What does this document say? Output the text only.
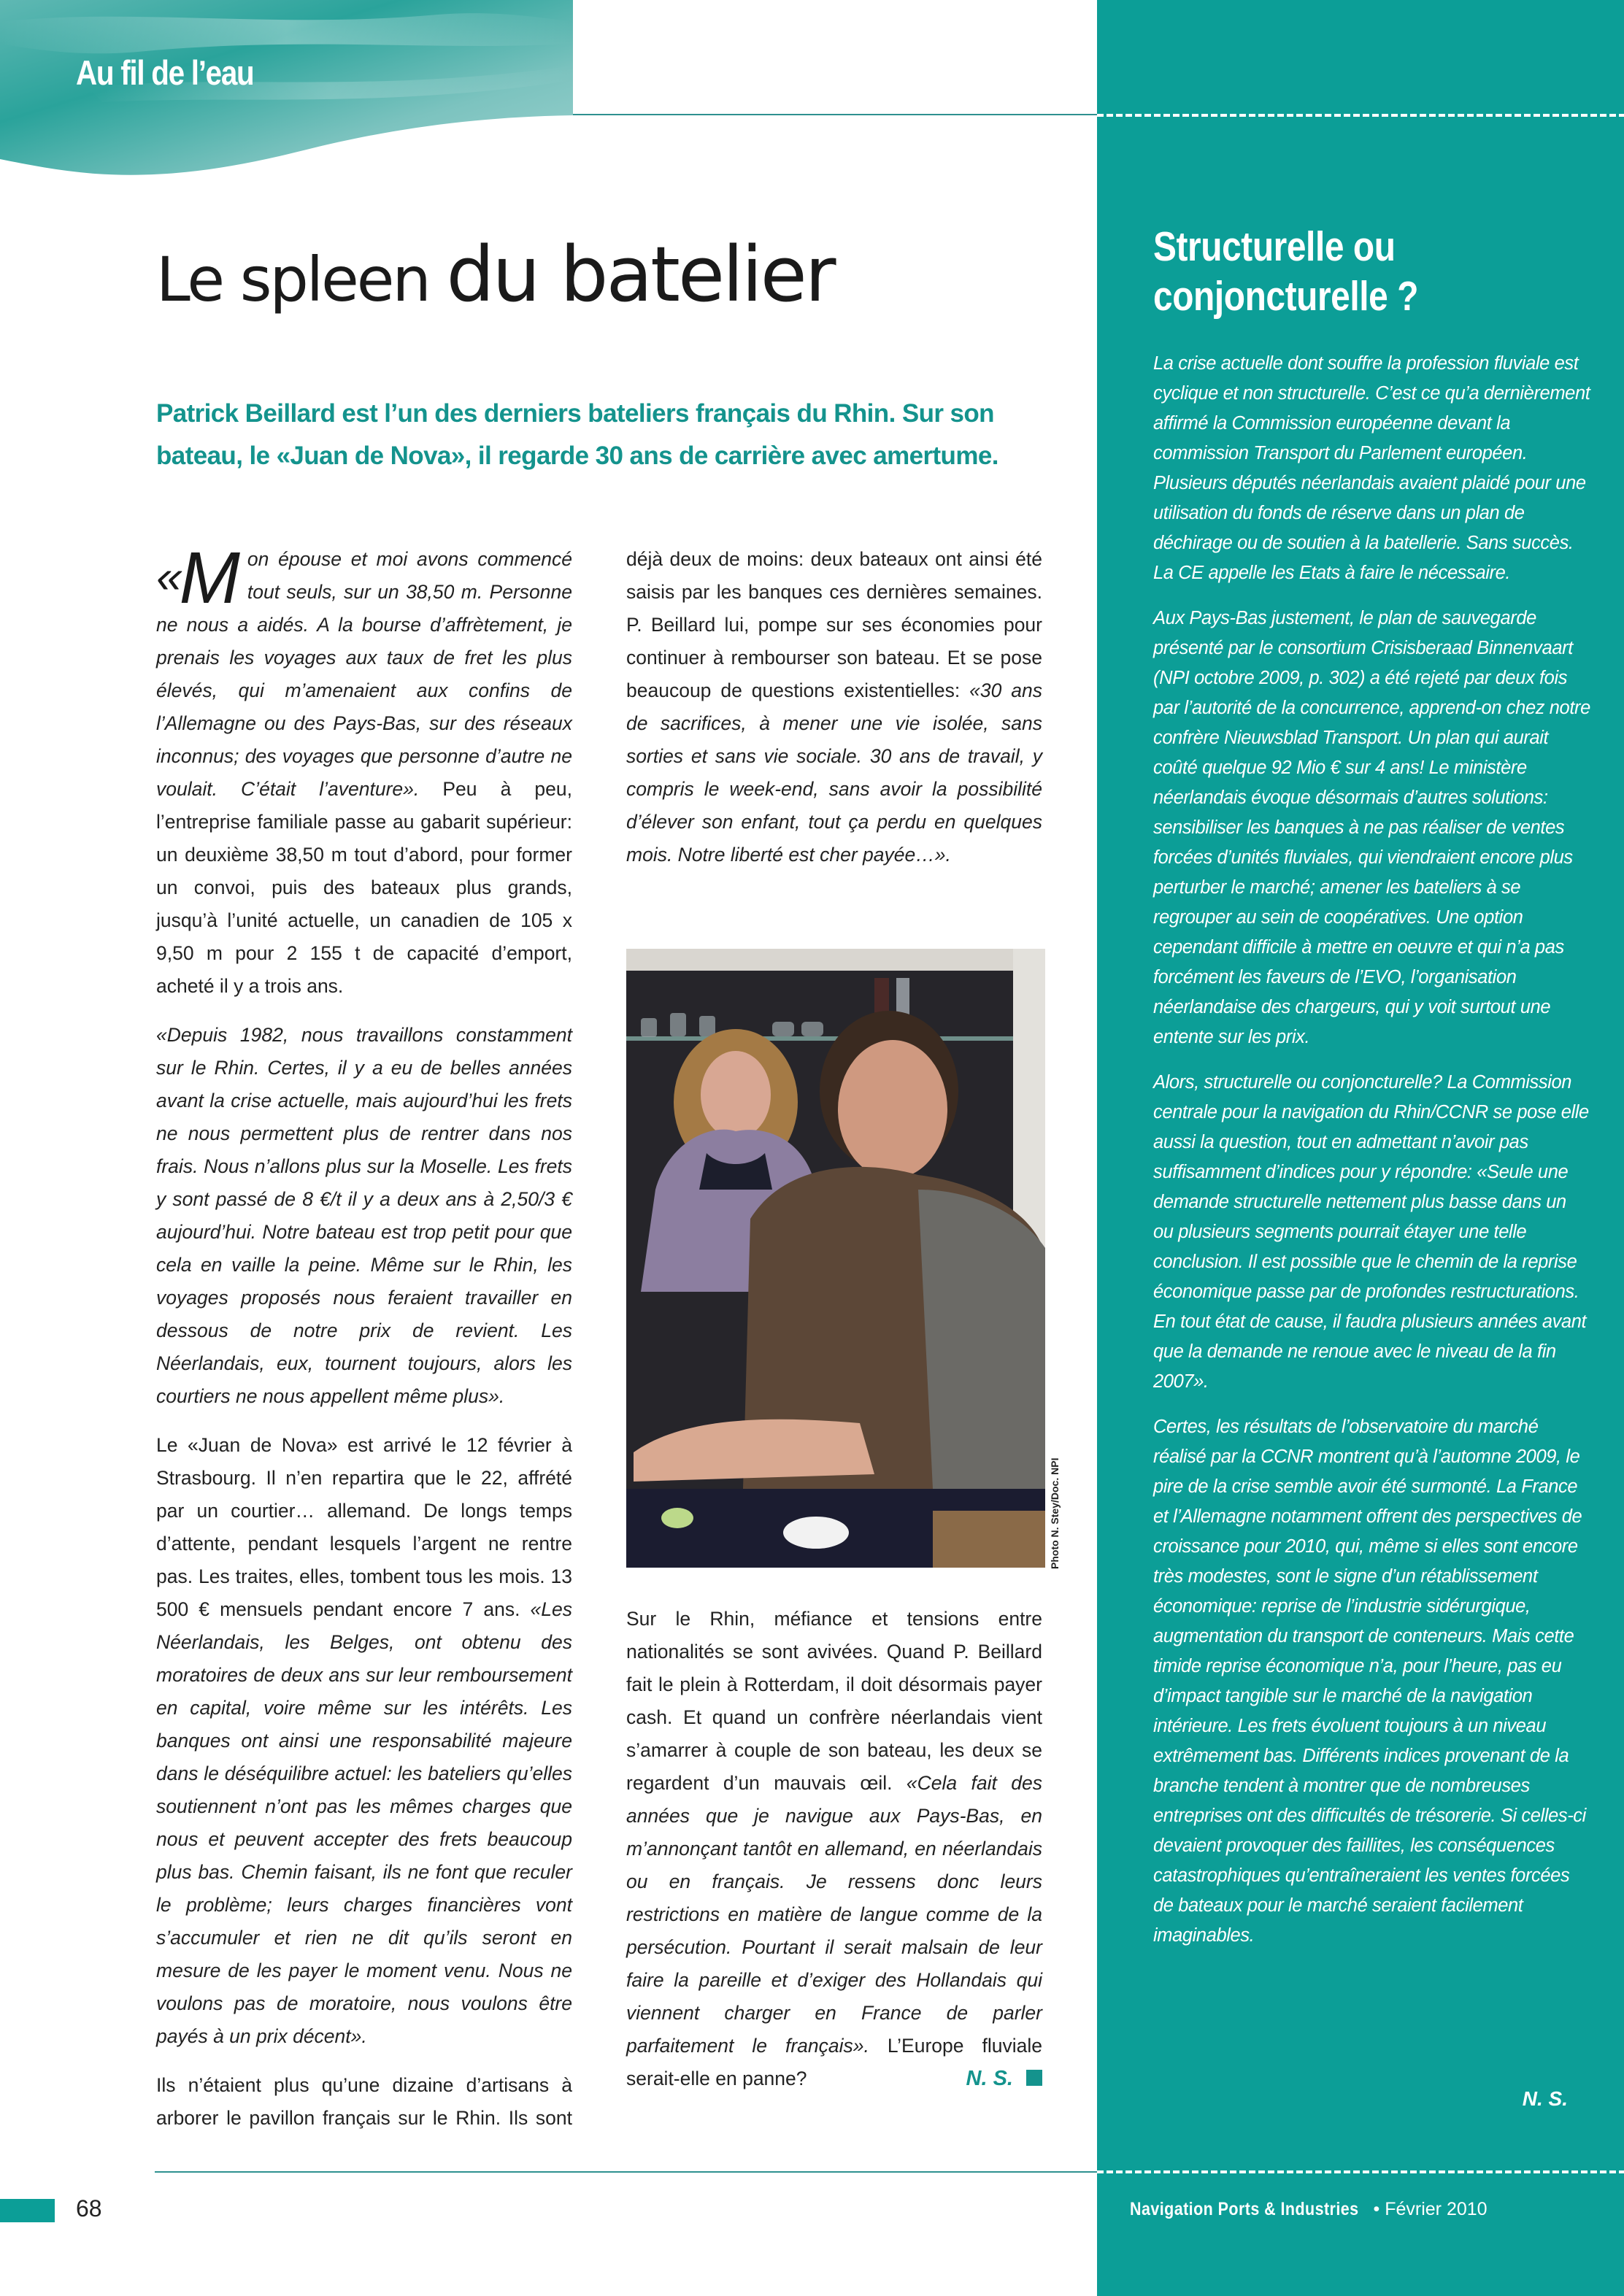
Au fil de l’eau
Le spleen du batelier

Patrick Beillard est l’un des derniers bateliers français du Rhin. Sur son bateau, le «Juan de Nova», il regarde 30 ans de carrière avec amertume.

«M on épouse et moi avons commencé tout seuls, sur un 38,50 m. Personne ne nous a aidés. A la bourse d’affrètement, je prenais les voyages aux taux de fret les plus élevés, qui m’amenaient aux confins de l’Allemagne ou des Pays-Bas, sur des réseaux inconnus; des voyages que personne d’autre ne voulait. C’était l’aventure». Peu à peu, l’entreprise familiale passe au gabarit supérieur: un deuxième 38,50 m tout d’abord, pour former un convoi, puis des bateaux plus grands, jusqu’à l’unité actuelle, un canadien de 105 x 9,50 m pour 2 155 t de capacité d’emport, acheté il y a trois ans.

«Depuis 1982, nous travaillons constamment sur le Rhin. Certes, il y a eu de belles années avant la crise actuelle, mais aujourd’hui les frets ne nous permettent plus de rentrer dans nos frais. Nous n’allons plus sur la Moselle. Les frets y sont passé de 8 €/t il y a deux ans à 2,50/3 € aujourd’hui. Notre bateau est trop petit pour que cela en vaille la peine. Même sur le Rhin, les voyages proposés nous feraient travailler en dessous de notre prix de revient. Les Néerlandais, eux, tournent toujours, alors les courtiers ne nous appellent même plus».

Le «Juan de Nova» est arrivé le 12 février à Strasbourg. Il n’en repartira que le 22, affrété par un courtier… allemand. De longs temps d’attente, pendant lesquels l’argent ne rentre pas. Les traites, elles, tombent tous les mois. 13 500 € mensuels pendant encore 7 ans. «Les Néerlandais, les Belges, ont obtenu des moratoires de deux ans sur leur remboursement en capital, voire même sur les intérêts. Les banques ont ainsi une responsabilité majeure dans le déséquilibre actuel: les bateliers qu’elles soutiennent n’ont pas les mêmes charges que nous et peuvent accepter des frets beaucoup plus bas. Chemin faisant, ils ne font que reculer le problème; leurs charges financières vont s’accumuler et rien ne dit qu’ils seront en mesure de les payer le moment venu. Nous ne voulons pas de moratoire, nous voulons être payés à un prix décent».

Ils n’étaient plus qu’une dizaine d’artisans à arborer le pavillon français sur le Rhin. Ils sont déjà deux de moins: deux bateaux ont ainsi été saisis par les banques ces dernières semaines. P. Beillard lui, pompe sur ses économies pour continuer à rembourser son bateau. Et se pose beaucoup de questions existentielles: «30 ans de sacrifices, à mener une vie isolée, sans sorties et sans vie sociale. 30 ans de travail, y compris le week-end, sans avoir la possibilité d’élever son enfant, tout ça perdu en quelques mois. Notre liberté est cher payée…».

Photo N. Stey/Doc. NPI

Sur le Rhin, méfiance et tensions entre nationalités se sont avivées. Quand P. Beillard fait le plein à Rotterdam, il doit désormais payer cash. Et quand un confrère néerlandais vient s’amarrer à couple de son bateau, les deux se regardent d’un mauvais œil. «Cela fait des années que je navigue aux Pays-Bas, en m’annonçant tantôt en allemand, en néerlandais ou en français. Je ressens donc leurs restrictions en matière de langue comme de la persécution. Pourtant il serait malsain de leur faire la pareille et d’exiger des Hollandais qui viennent charger en France de parler parfaitement le français». L’Europe fluviale serait-elle en panne?	N. S.

Structurelle ou conjoncturelle ?

La crise actuelle dont souffre la profession fluviale est cyclique et non structurelle. C’est ce qu’a dernièrement affirmé la Commission européenne devant la commission Transport du Parlement européen. Plusieurs députés néerlandais avaient plaidé pour une utilisation du fonds de réserve dans un plan de déchirage ou de soutien à la batellerie. Sans succès. La CE appelle les Etats à faire le nécessaire.

Aux Pays-Bas justement, le plan de sauvegarde présenté par le consortium Crisisberaad Binnenvaart (NPI octobre 2009, p. 302) a été rejeté par deux fois par l’autorité de la concurrence, apprend-on chez notre confrère Nieuwsblad Transport. Un plan qui aurait coûté quelque 92 Mio € sur 4 ans! Le ministère néerlandais évoque désormais d’autres solutions: sensibiliser les banques à ne pas réaliser de ventes forcées d’unités fluviales, qui viendraient encore plus perturber le marché; amener les bateliers à se regrouper au sein de coopératives. Une option cependant difficile à mettre en oeuvre et qui n’a pas forcément les faveurs de l’EVO, l’organisation néerlandaise des chargeurs, qui y voit surtout une entente sur les prix.

Alors, structurelle ou conjoncturelle? La Commission centrale pour la navigation du Rhin/CCNR se pose elle aussi la question, tout en admettant n’avoir pas suffisamment d’indices pour y répondre: «Seule une demande structurelle nettement plus basse dans un ou plusieurs segments pourrait étayer une telle conclusion. Il est possible que le chemin de la reprise économique passe par de profondes restructurations. En tout état de cause, il faudra plusieurs années avant que la demande ne renoue avec le niveau de la fin 2007».

Certes, les résultats de l’observatoire du marché réalisé par la CCNR montrent qu’à l’automne 2009, le pire de la crise semble avoir été surmonté. La France et l’Allemagne notamment offrent des perspectives de croissance pour 2010, qui, même si elles sont encore très modestes, sont le signe d’un rétablissement économique: reprise de l’industrie sidérurgique, augmentation du transport de conteneurs. Mais cette timide reprise économique n’a, pour l’heure, pas eu d’impact tangible sur le marché de la navigation intérieure. Les frets évoluent toujours à un niveau extrêmement bas. Différents indices provenant de la branche tendent à montrer que de nombreuses entreprises ont des difficultés de trésorerie. Si celles-ci devaient provoquer des faillites, les conséquences catastrophiques qu’entraîneraient les ventes forcées de bateaux pour le marché seraient facilement imaginables.

N. S.
Navigation Ports & Industries • Février 2010
68
